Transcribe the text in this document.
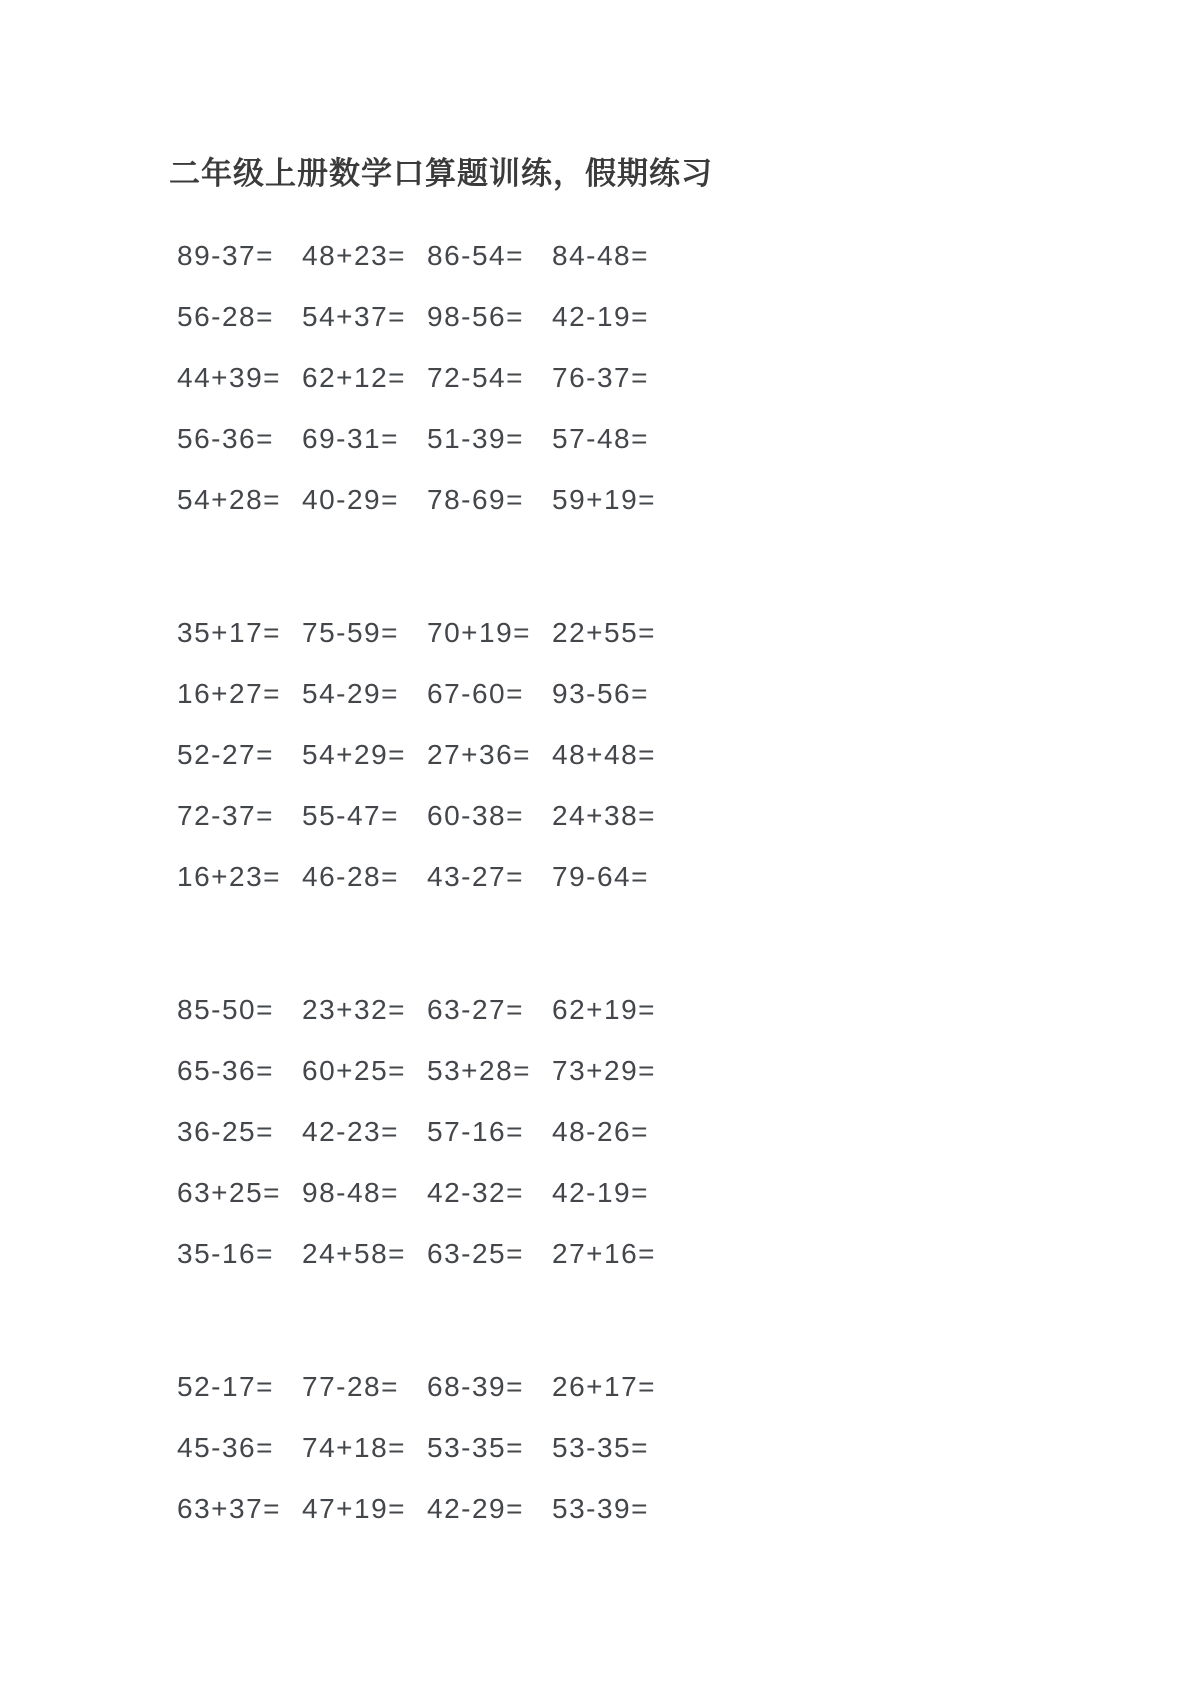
二年级上册数学口算题训练，假期练习
89-37=	48+23= 86-54=	84-48=
56-28=	54+37= 98-56=	42-19=
44+39= 62+12= 72-54=	76-37=
56-36=	69-31=	51-39=	57-48=
54+28= 40-29=	78-69=	59+19=
35+17= 75-59=	70+19= 22+55=
16+27= 54-29=	67-60=	93-56=
52-27=	54+29= 27+36= 48+48=
72-37=	55-47=	60-38=	24+38=
16+23= 46-28=	43-27=	79-64=
85-50=	23+32= 63-27=	62+19=
65-36=	60+25= 53+28= 73+29=
36-25=	42-23=	57-16=	48-26=
63+25= 98-48=	42-32=	42-19=
35-16=	24+58= 63-25=	27+16=
52-17=	77-28=	68-39=	26+17=
45-36=	74+18= 53-35=	53-35=
63+37= 47+19= 42-29=	53-39=
